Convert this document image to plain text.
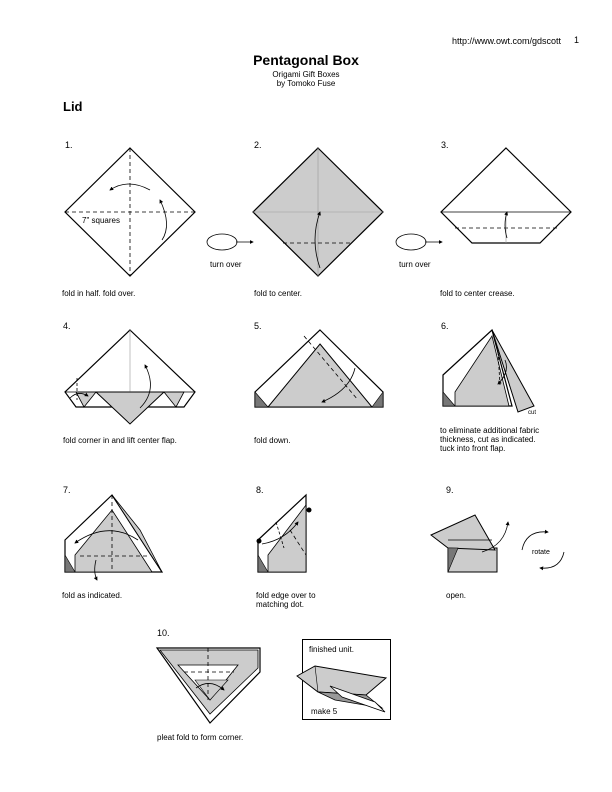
http://www.owt.com/gdscott 1
Pentagonal Box
Origami Gift Boxes
by Tomoko Fuse
Lid
1.	2.	3.
4.	5.	6.
7.	8.	9.
10.
fold in half. fold over.	fold to center.	fold to center crease.
fold corner in and lift center flap.	fold down.
to eliminate additional fabric
thickness, cut as indicated.
tuck into front flap.
fold as indicated.	fold edge over to
matching dot.
open.
pleat fold to form corner.
finished unit.
make 5
7" squares
turn over	turn over
cut
rotate
